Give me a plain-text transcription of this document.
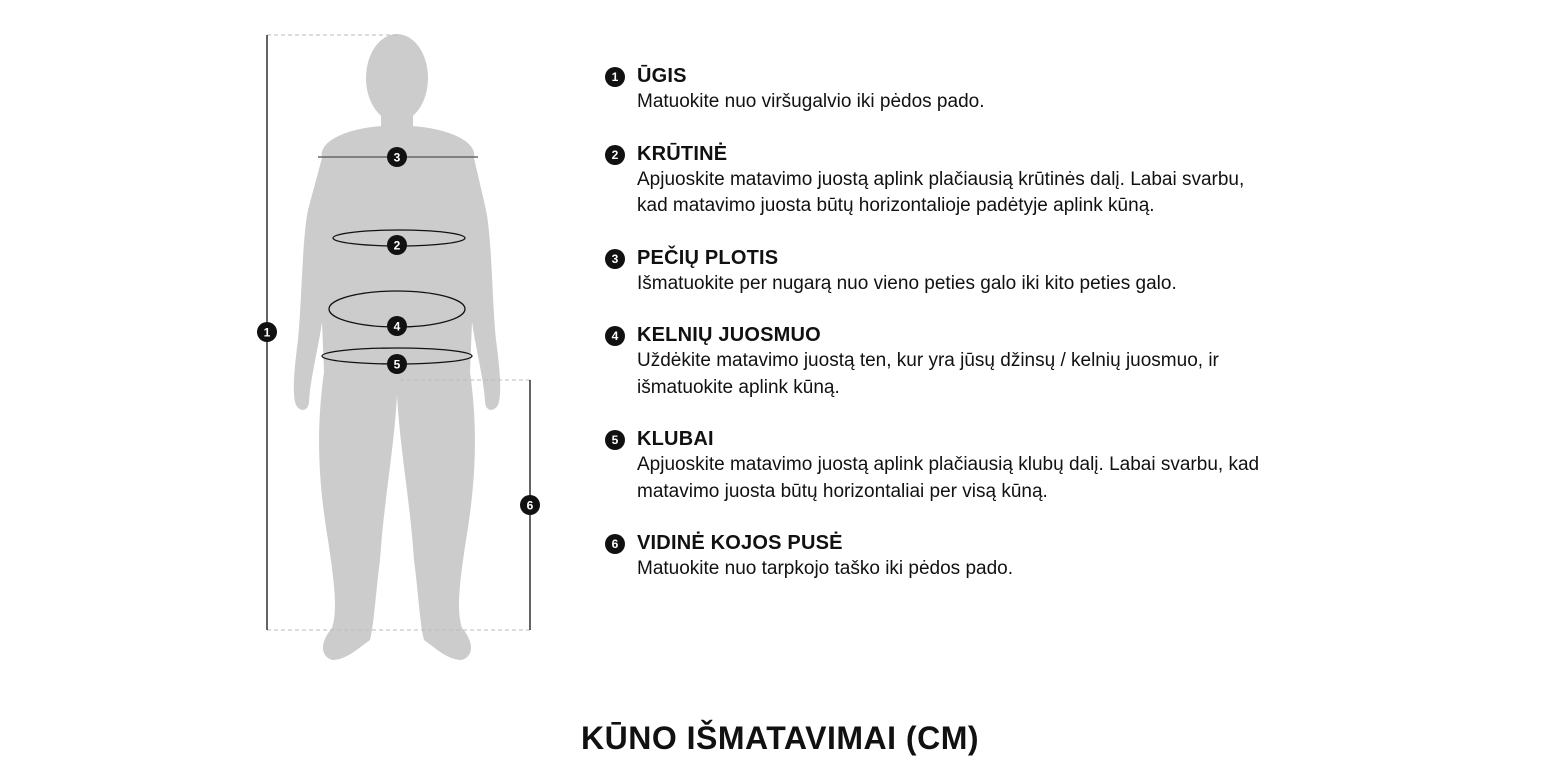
1
2
3
4
5
6
1 ŪGIS
Matuokite nuo viršugalvio iki pėdos pado.
2 KRŪTINĖ
Apjuoskite matavimo juostą aplink plačiausią krūtinės dalį. Labai svarbu, kad matavimo juosta būtų horizontalioje padėtyje aplink kūną.
3 PEČIŲ PLOTIS
Išmatuokite per nugarą nuo vieno peties galo iki kito peties galo.
4 KELNIŲ JUOSMUO
Uždėkite matavimo juostą ten, kur yra jūsų džinsų / kelnių juosmuo, ir išmatuokite aplink kūną.
5 KLUBAI
Apjuoskite matavimo juostą aplink plačiausią klubų dalį. Labai svarbu, kad matavimo juosta būtų horizontaliai per visą kūną.
6 VIDINĖ KOJOS PUSĖ
Matuokite nuo tarpkojo taško iki pėdos pado.
KŪNO IŠMATAVIMAI (CM)
